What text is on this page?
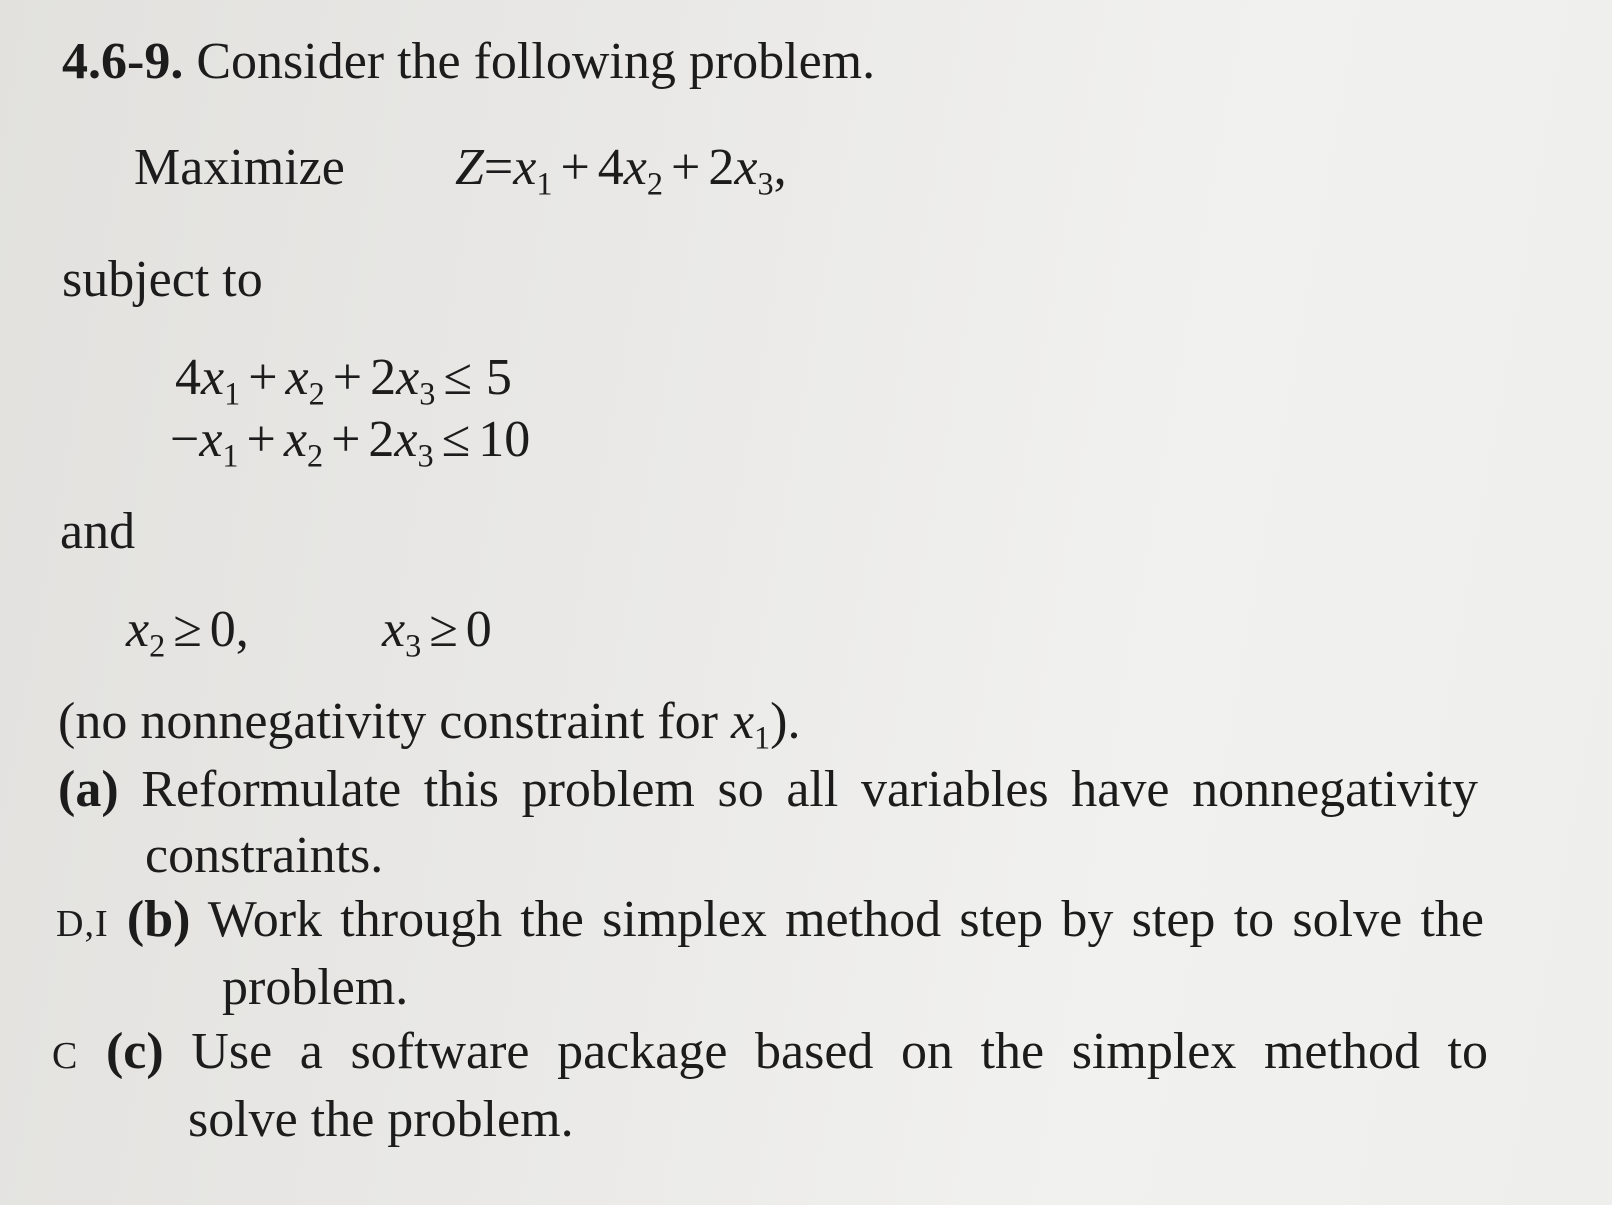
4.6-9. Consider the following problem.
Maximize $Z=x_1 + 4x_2 + 2x_3$,
subject to
$4x_1 + x_2 + 2x_3 \le 5$
$-x_1 + x_2 + 2x_3 \le 10$
and
$x_2 \ge 0$,	$x_3 \ge 0$
(no nonnegativity constraint for $x_1$).
(a) Reformulate this problem so all variables have nonnegativity
constraints.
D,I (b) Work through the simplex method step by step to solve the
problem.
C (c) Use a software package based on the simplex method to
solve the problem.
